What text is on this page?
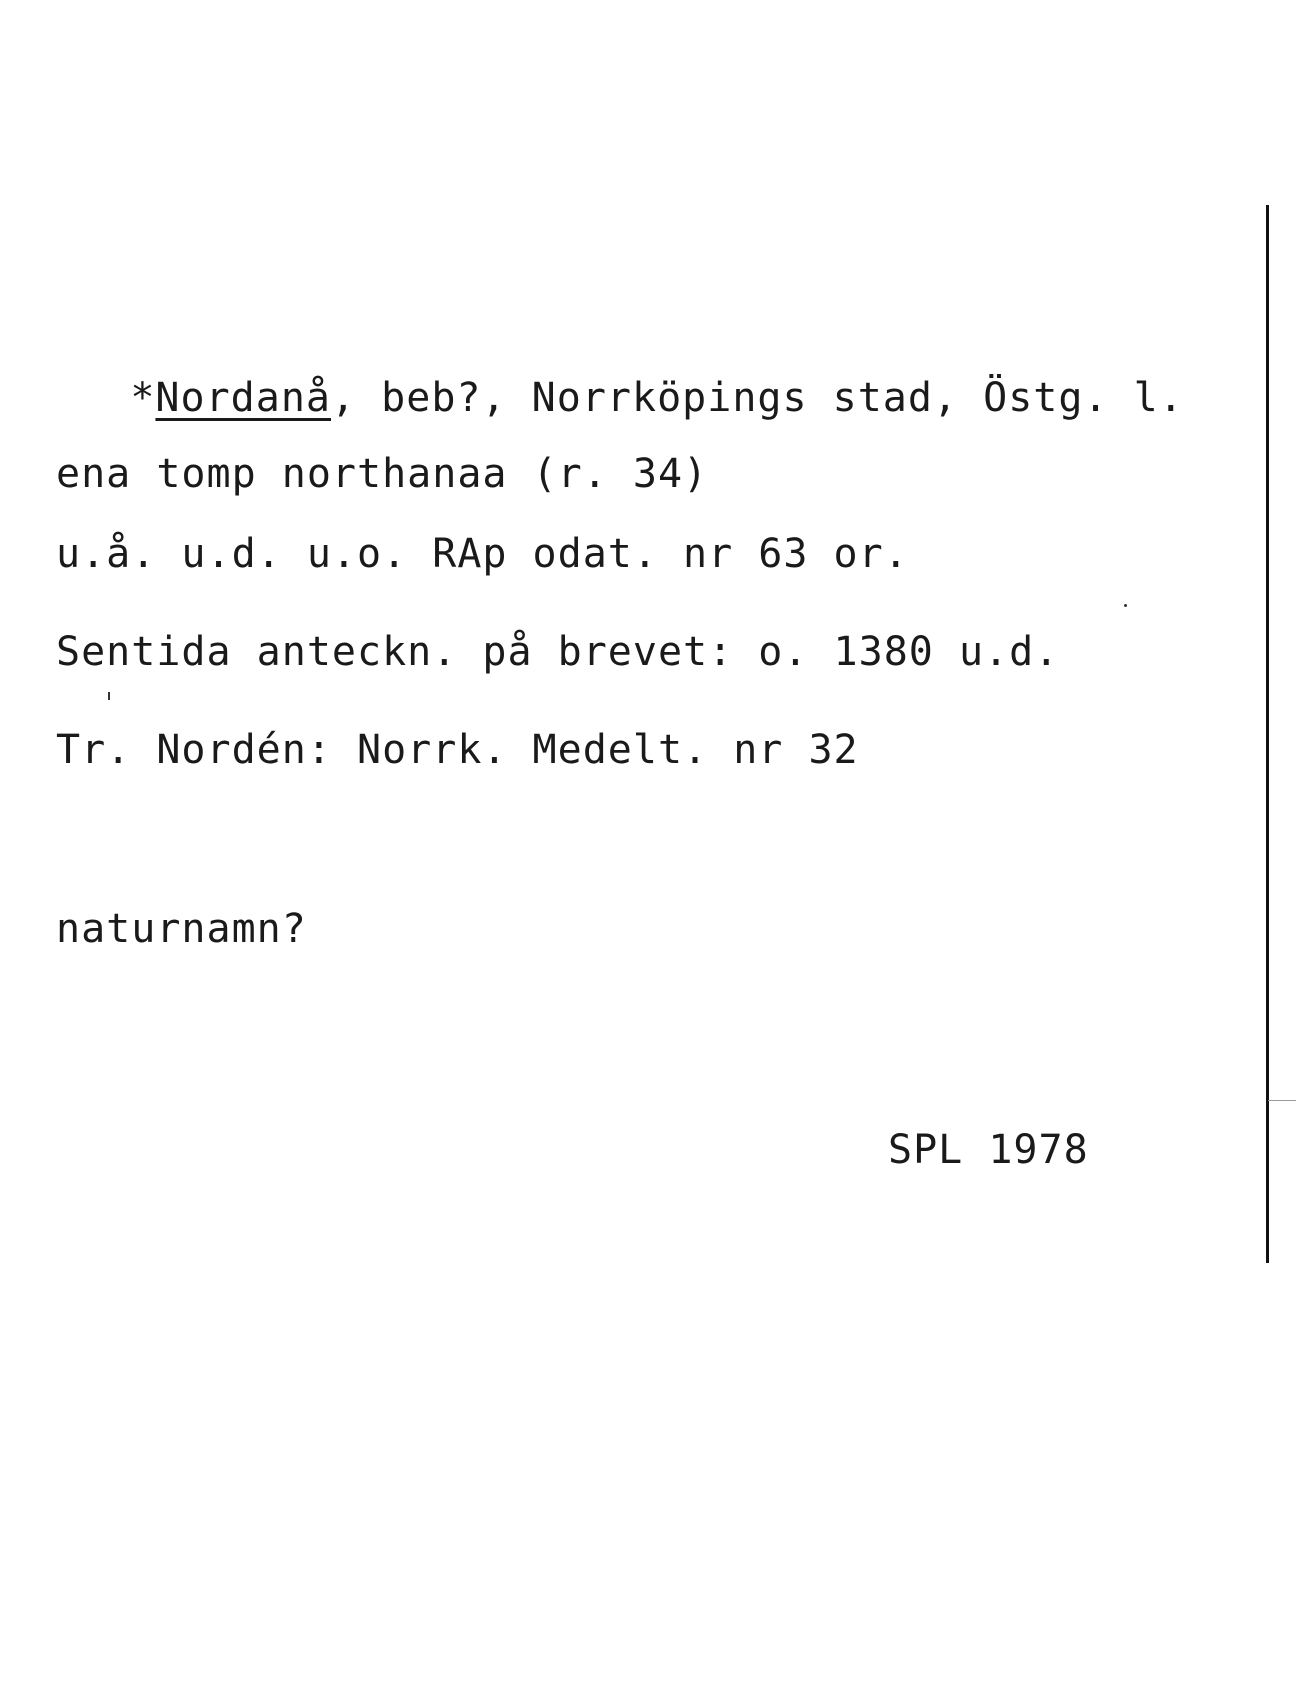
*Nordanå, beb?, Norrköpings stad, Östg. l.

ena tomp northanaa (r. 34)
u.å. u.d. u.o. RAp odat. nr 63 or.
Sentida anteckn. på brevet: o. 1380 u.d.
Tr. Nordén: Norrk. Medelt. nr 32
naturnamn?
SPL 1978
